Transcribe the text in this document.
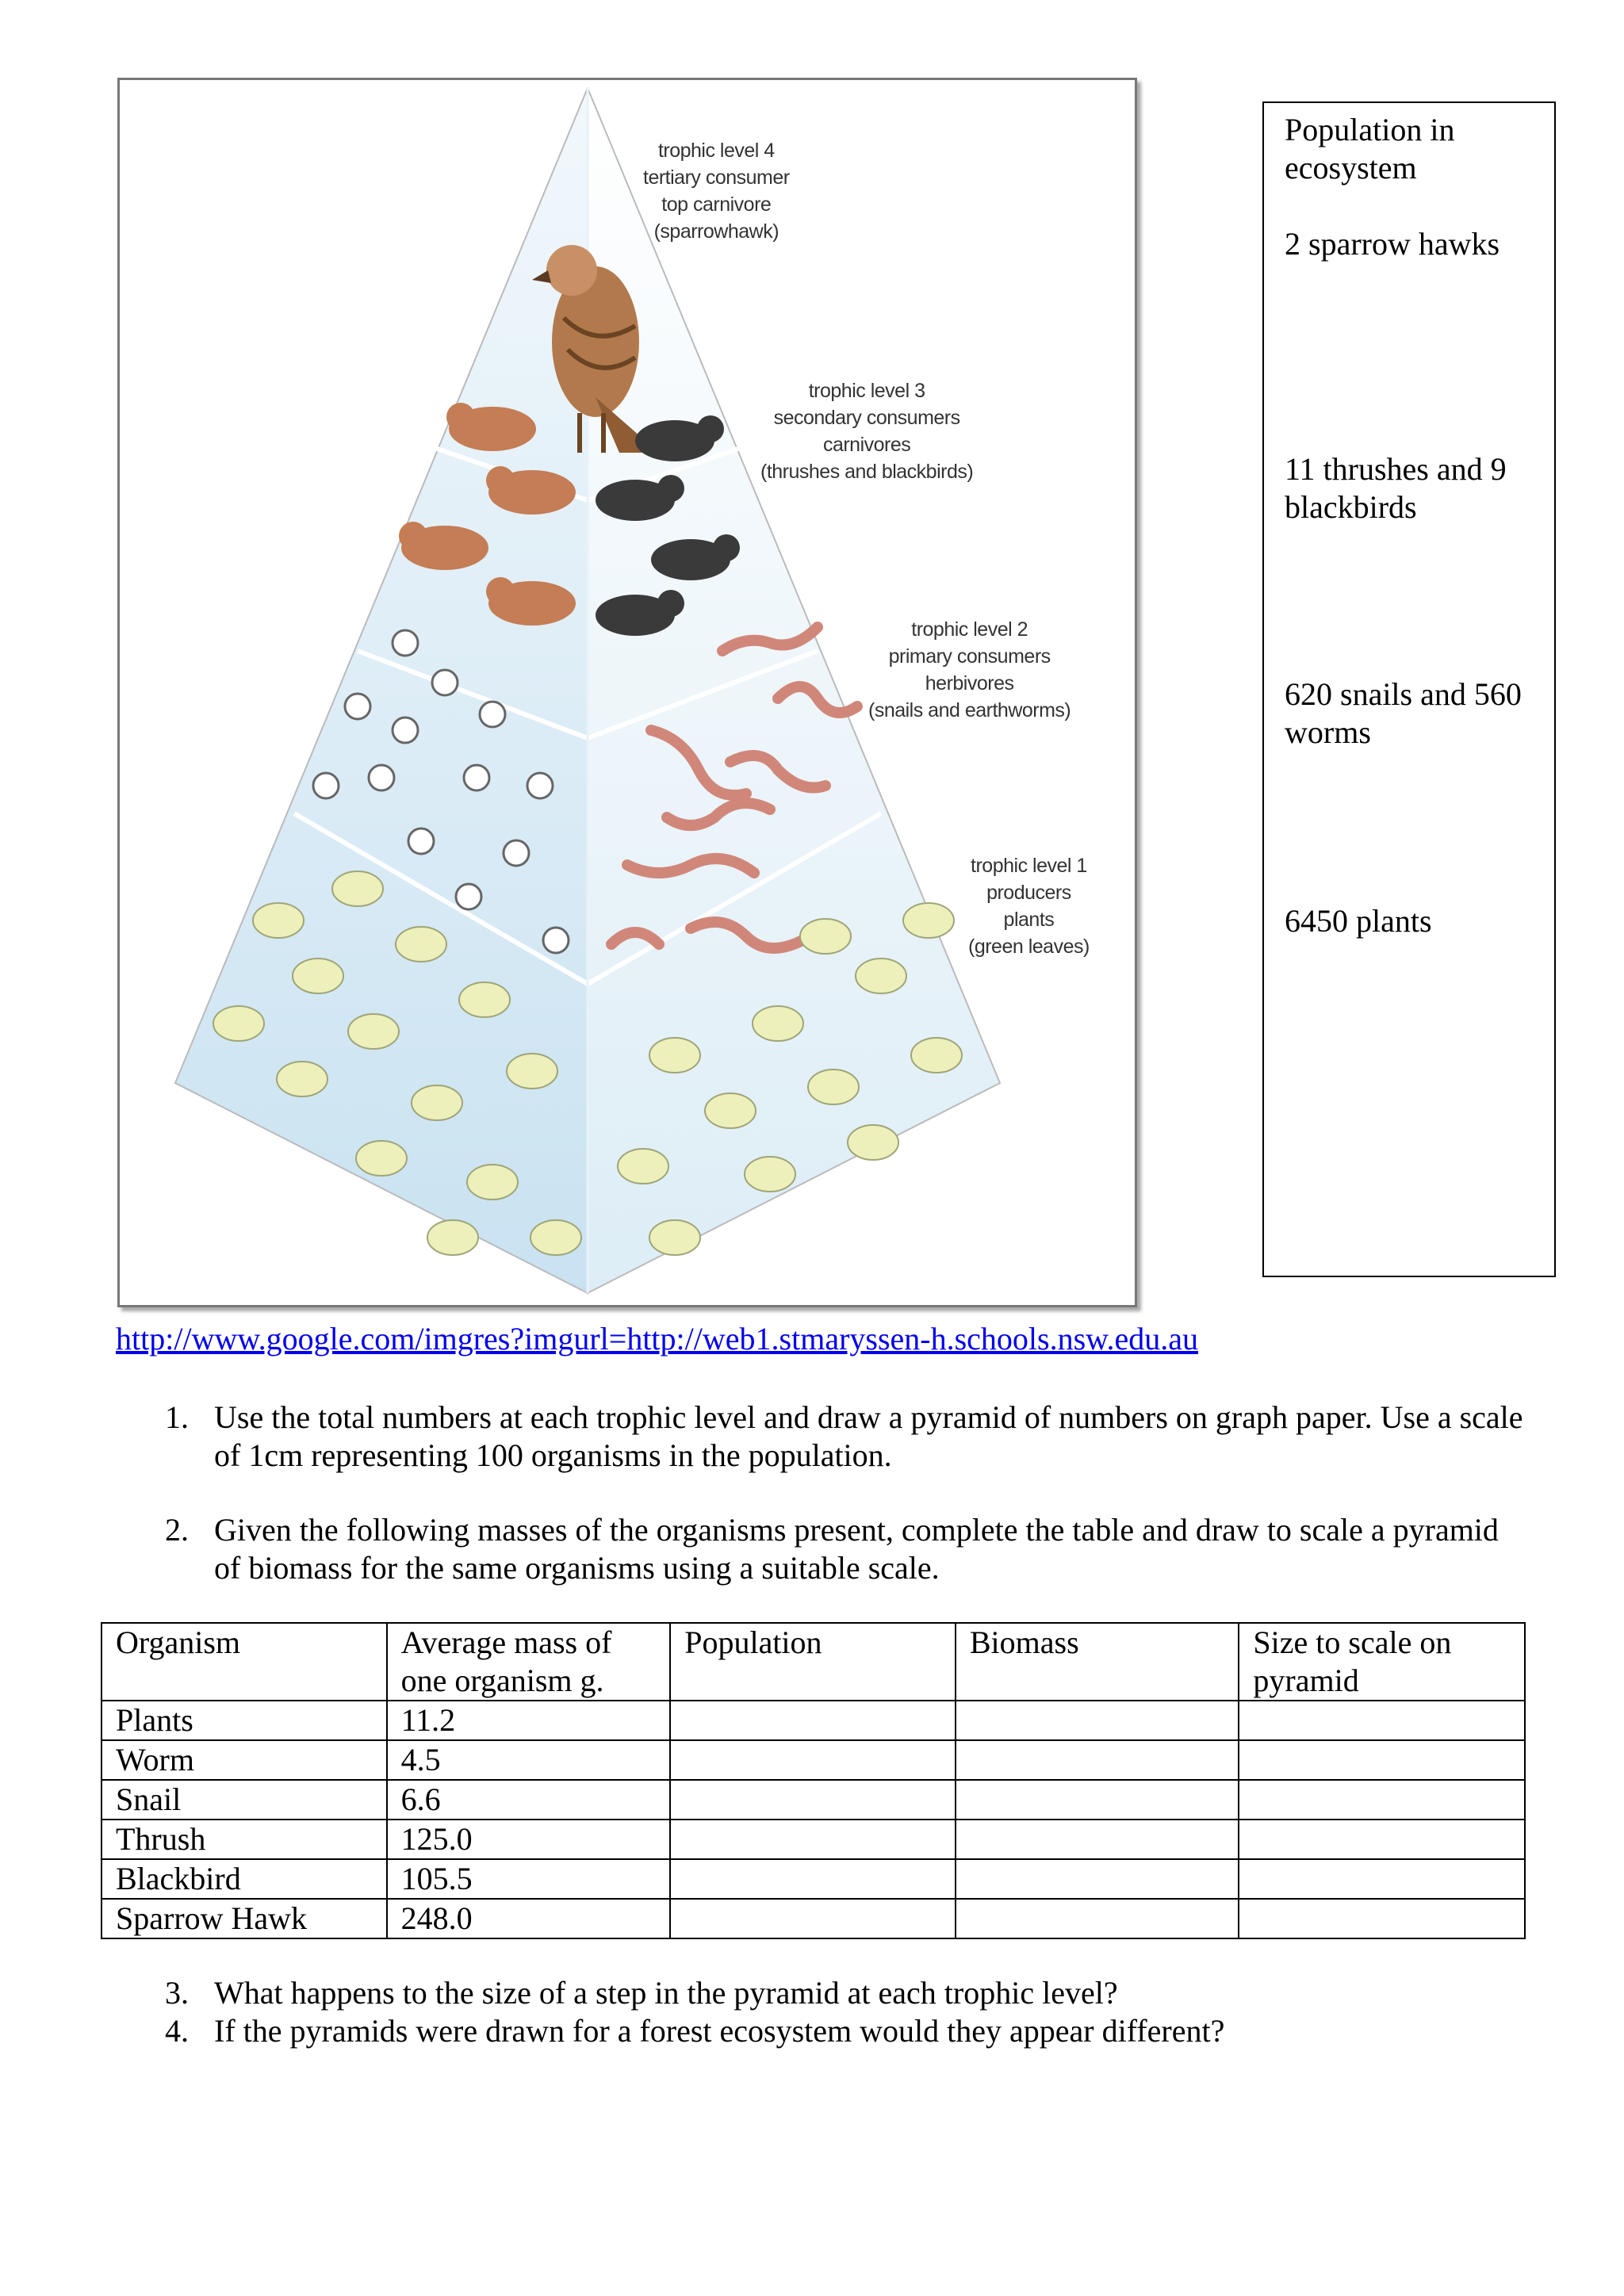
trophic level 4
tertiary consumer
top carnivore
(sparrowhawk)
trophic level 3
secondary consumers
carnivores
(thrushes and blackbirds)
trophic level 2
primary consumers
herbivores
(snails and earthworms)
trophic level 1
producers
plants
(green leaves)
Population in ecosystem
2 sparrow hawks
11 thrushes and 9 blackbirds
620 snails and 560 worms
6450 plants
http://www.google.com/imgres?imgurl=http://web1.stmaryssen-h.schools.nsw.edu.au
1. Use the total numbers at each trophic level and draw a pyramid of numbers on graph paper. Use a scale of 1cm representing 100 organisms in the population.
2. Given the following masses of the organisms present, complete the table and draw to scale a pyramid of biomass for the same organisms using a suitable scale.
Organism	Average mass of one organism g.	Population	Biomass	Size to scale on pyramid
Plants	11.2			
Worm	4.5			
Snail	6.6			
Thrush	125.0			
Blackbird	105.5			
Sparrow Hawk	248.0			
3. What happens to the size of a step in the pyramid at each trophic level?
4. If the pyramids were drawn for a forest ecosystem would they appear different?
